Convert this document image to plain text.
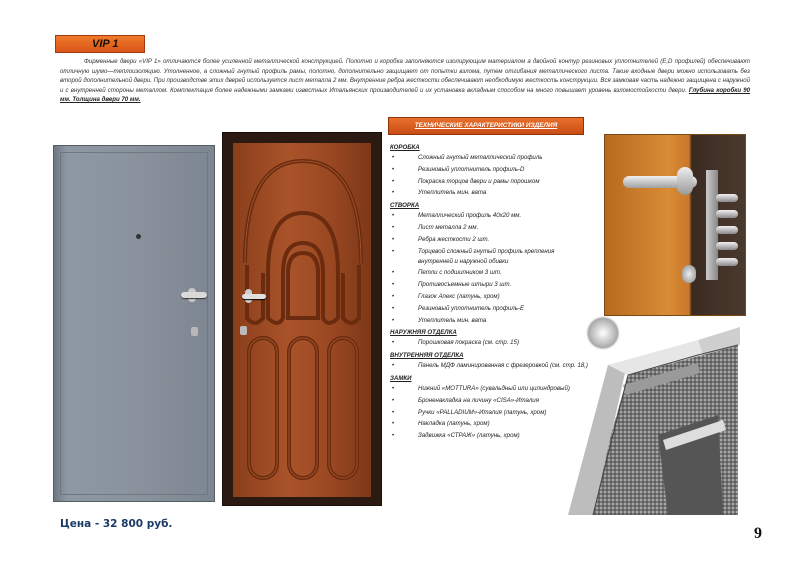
VIP 1

Фирменные двери «VIP 1» отличаются более усиленной металлической конструкцией. Полотно и коробка заполняются изолирующим материалом а двойной контур резиновых уплотнителей (E,D профилей) обеспечивают отличную шумо—теплоизоляцию. Утолненное, а сложный гнутый профиль рамы, полотно, дополнительно защищает от попытки взлома, путем отгибания металлического листа. Такие входные двери можно использовать без второй дополнительной двери. При производстве этих дверей используется лист металла 2 мм. Внутренние ребра жесткости обеспечивают необходимую жесткость конструкции. Вся замковая часть надежно защищена с наружной и с внутренней стороны металлом. Комплектация более надежными замками известных Итальянских производителей и их установка вкладным способом на много повышает уровень взломостойкости двери. Глубина коробки 90 мм. Толщина двери 70 мм.

ТЕХНИЧЕСКИЕ ХАРАКТЕРИСТИКИ ИЗДЕЛИЯ
КОРОБКА
•	Сложный гнутый металлический профиль
•	Резиновый уплотнитель профиль-D
•	Покраска торцов двери и рамы порошком
•	Утеплитель мин. вата
СТВОРКА
•	Металлический профиль 40x20 мм.
•	Лист металла 2 мм.
•	Ребра жесткости 2 шт.
•	Торцевой сложный гнутый профиль крепления внутренней и наружной обивки
•	Петли с подшипником 3 шт.
•	Противосъемные штыри 3 шт.
•	Глазок Апекс (латунь, хром)
•	Резиновый уплотнитель профиль-Е
•	Утеплитель мин. вата
НАРУЖНЯЯ ОТДЕЛКА
•	Порошковая покраска (см. стр. 15)
ВНУТРЕННЯЯ ОТДЕЛКА
•	Панель МДФ ламинированная с фрезеровкой (см. стр. 18,)
ЗАМКИ
•	Нижний «MOTTURA» (сувальдный или цилиндровый)
•	Броненакладка на личину «CISA»-Италия
•	Ручки «PALLADIUM»-Италия (латунь, хром)
•	Накладка (латунь, хром)
•	Задвижка «СТРАЖ» (латунь, хром)
Цена - 32 800 руб.
9
